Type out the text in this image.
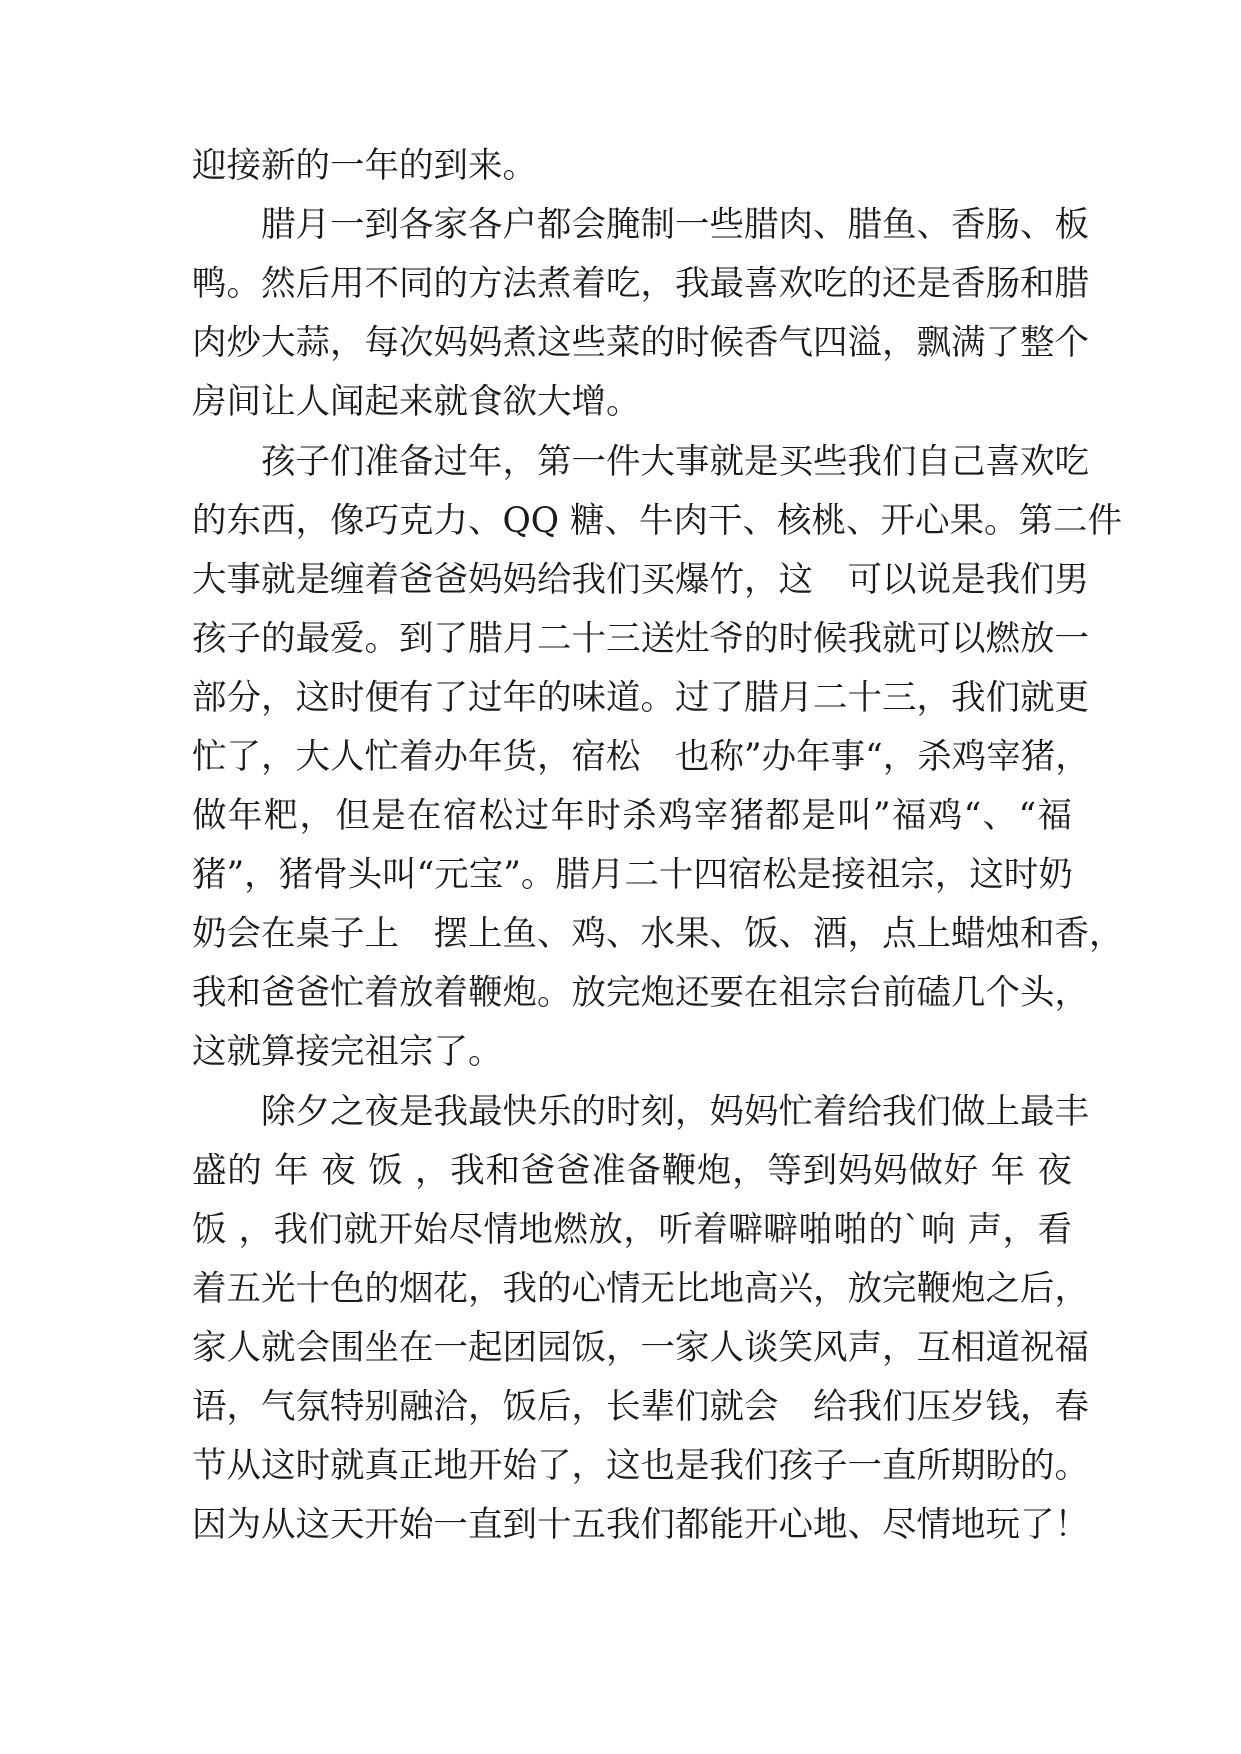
迎接新的一年的到来。
　　腊月一到各家各户都会腌制一些腊肉、腊鱼、香肠、板
鸭。然后用不同的方法煮着吃，我最喜欢吃的还是香肠和腊
肉炒大蒜，每次妈妈煮这些菜的时候香气四溢，飘满了整个
房间让人闻起来就食欲大增。
　　孩子们准备过年，第一件大事就是买些我们自己喜欢吃
的东西，像巧克力、QQ 糖、牛肉干、核桃、开心果。第二件
大事就是缠着爸爸妈妈给我们买爆竹，这　可以说是我们男
孩子的最爱。到了腊月二十三送灶爷的时候我就可以燃放一
部分，这时便有了过年的味道。过了腊月二十三，我们就更
忙了，大人忙着办年货，宿松　也称”办年事“，杀鸡宰猪，
做年粑，但是在宿松过年时杀鸡宰猪都是叫”福鸡“、“福
猪”，猪骨头叫“元宝”。腊月二十四宿松是接祖宗，这时奶
奶会在桌子上　摆上鱼、鸡、水果、饭、酒，点上蜡烛和香，
我和爸爸忙着放着鞭炮。放完炮还要在祖宗台前磕几个头，
这就算接完祖宗了。
　　除夕之夜是我最快乐的时刻，妈妈忙着给我们做上最丰
盛的 年 夜 饭 ，我和爸爸准备鞭炮，等到妈妈做好 年 夜
饭 ，我们就开始尽情地燃放，听着噼噼啪啪的`响 声，看
着五光十色的烟花，我的心情无比地高兴，放完鞭炮之后，
家人就会围坐在一起团园饭，一家人谈笑风声，互相道祝福
语，气氛特别融洽，饭后，长辈们就会　给我们压岁钱，春
节从这时就真正地开始了，这也是我们孩子一直所期盼的。
因为从这天开始一直到十五我们都能开心地、尽情地玩了！
